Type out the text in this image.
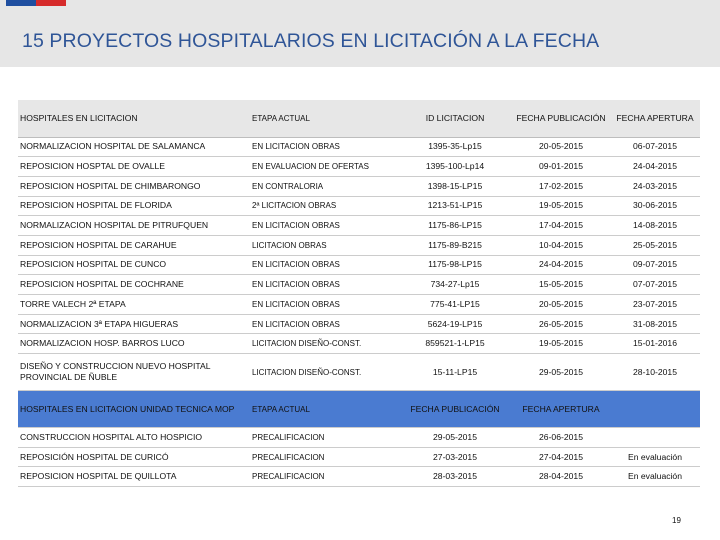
15 PROYECTOS HOSPITALARIOS EN LICITACIÓN A LA FECHA
HOSPITALES EN LICITACION	ETAPA ACTUAL	ID LICITACION	FECHA PUBLICACIÓN	FECHA APERTURA
NORMALIZACION HOSPITAL DE SALAMANCA	EN LICITACION OBRAS	1395-35-Lp15	20-05-2015	06-07-2015
REPOSICION HOSPTAL DE OVALLE	EN EVALUACION DE OFERTAS	1395-100-Lp14	09-01-2015	24-04-2015
REPOSICION HOSPITAL DE CHIMBARONGO	EN CONTRALORIA	1398-15-LP15	17-02-2015	24-03-2015
REPOSICION HOSPITAL DE FLORIDA	2ª LICITACION OBRAS	1213-51-LP15	19-05-2015	30-06-2015
NORMALIZACION HOSPITAL DE PITRUFQUEN	EN LICITACION OBRAS	1175-86-LP15	17-04-2015	14-08-2015
REPOSICION HOSPITAL DE CARAHUE	LICITACION OBRAS	1175-89-B215	10-04-2015	25-05-2015
REPOSICION HOSPITAL DE CUNCO	EN LICITACION OBRAS	1175-98-LP15	24-04-2015	09-07-2015
REPOSICION HOSPITAL DE COCHRANE	EN LICITACION OBRAS	734-27-Lp15	15-05-2015	07-07-2015
TORRE VALECH 2ª ETAPA	EN LICITACION OBRAS	775-41-LP15	20-05-2015	23-07-2015
NORMALIZACION 3ª ETAPA HIGUERAS	EN LICITACION OBRAS	5624-19-LP15	26-05-2015	31-08-2015
NORMALIZACION HOSP. BARROS LUCO	LICITACION DISEÑO-CONST.	859521-1-LP15	19-05-2015	15-01-2016
DISEÑO Y CONSTRUCCION NUEVO HOSPITAL PROVINCIAL DE ÑUBLE	LICITACION DISEÑO-CONST.	15-11-LP15	29-05-2015	28-10-2015
HOSPITALES EN LICITACION UNIDAD TECNICA MOP	ETAPA ACTUAL	FECHA PUBLICACIÓN	FECHA APERTURA	
CONSTRUCCION HOSPITAL ALTO HOSPICIO	PRECALIFICACION	29-05-2015	26-06-2015	
REPOSICIÓN HOSPITAL DE CURICÓ	PRECALIFICACION	27-03-2015	27-04-2015	En evaluación
REPOSICION HOSPITAL DE QUILLOTA	PRECALIFICACION	28-03-2015	28-04-2015	En evaluación
19
